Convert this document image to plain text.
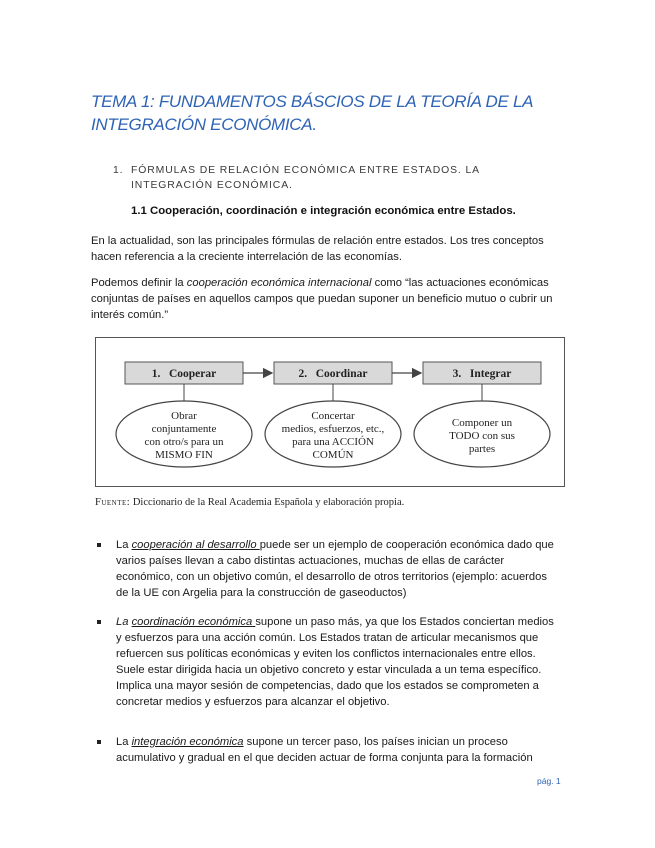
TEMA 1: FUNDAMENTOS BÁSCIOS DE LA TEORÍA DE LA INTEGRACIÓN ECONÓMICA.
1. FÓRMULAS DE RELACIÓN ECONÓMICA ENTRE ESTADOS. LA INTEGRACIÓN ECONÓMICA.
1.1 Cooperación, coordinación e integración económica entre Estados.
En la actualidad, son las principales fórmulas de relación entre estados. Los tres conceptos hacen referencia a la creciente interrelación de las economías.
Podemos definir la cooperación económica internacional como “las actuaciones económicas conjuntas de países en aquellos campos que puedan suponer un beneficio mutuo o cubrir un interés común.”
1.   Cooperar	2.   Coordinar	3.   Integrar
Obrar
conjuntamente
con otro/s para un
MISMO FIN
Concertar
medios, esfuerzos, etc.,
para una ACCIÓN
COMÚN
Componer un
TODO con sus
partes
Fuente: Diccionario de la Real Academia Española y elaboración propia.
La cooperación al desarrollo puede ser un ejemplo de cooperación económica dado que varios países llevan a cabo distintas actuaciones, muchas de ellas de carácter económico, con un objetivo común, el desarrollo de otros territorios (ejemplo: acuerdos de la UE con Argelia para la construcción de gaseoductos)
La coordinación económica supone un paso más, ya que los Estados conciertan medios y esfuerzos para una acción común. Los Estados tratan de articular mecanismos que refuercen sus políticas económicas y eviten los conflictos internacionales entre ellos. Suele estar dirigida hacia un objetivo concreto y estar vinculada a un tema específico. Implica una mayor sesión de competencias, dado que los estados se comprometen a concretar medios y esfuerzos para alcanzar el objetivo.
La integración económica supone un tercer paso, los países inician un proceso acumulativo y gradual en el que deciden actuar de forma conjunta para la formación
pág. 1
